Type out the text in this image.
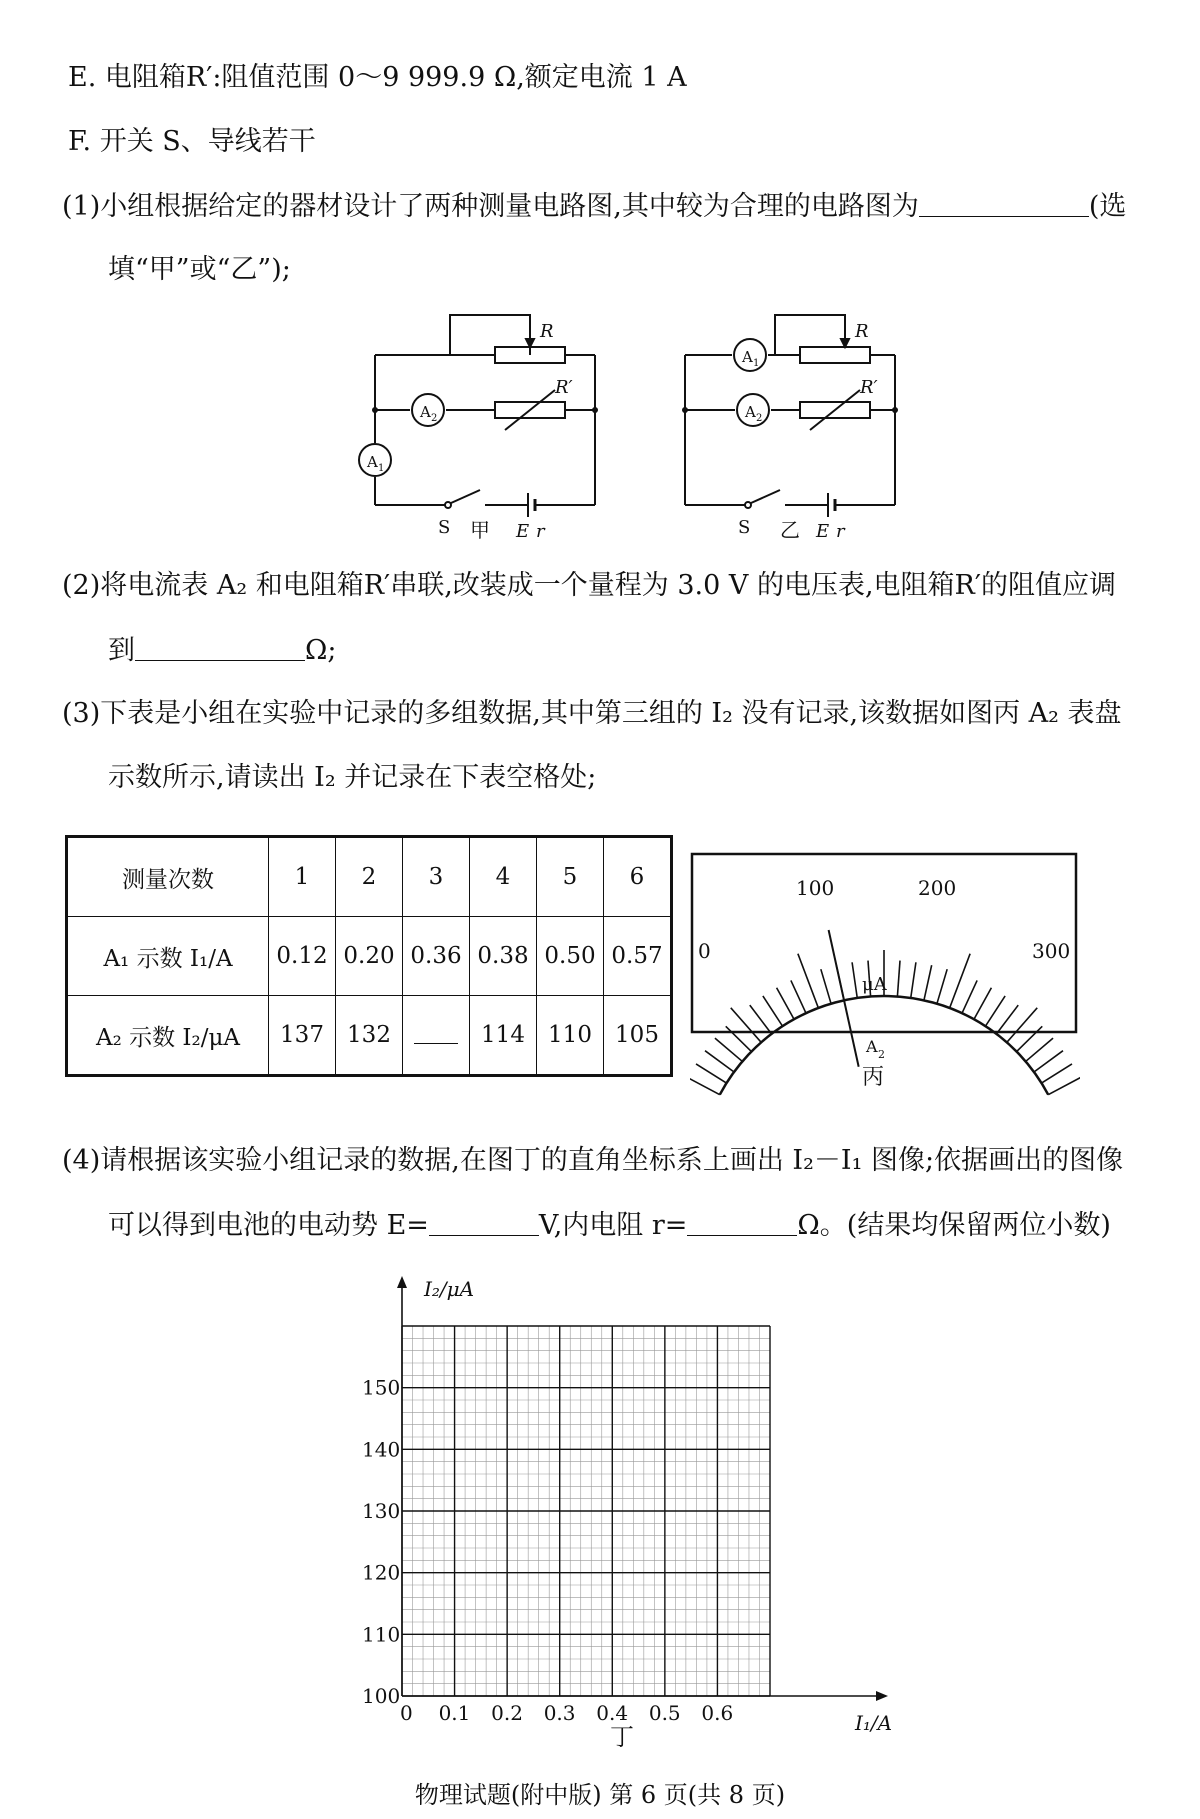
E. 电阻箱R′:阻值范围 0～9 999.9 Ω,额定电流 1 A
F. 开关 S、导线若干
(1)小组根据给定的器材设计了两种测量电路图,其中较为合理的电路图为	(选
填“甲”或“乙”);
R
R′
A 2
A 1
S	E r
甲
R
R′
A 1
A 2
S	E r
乙
(2)将电流表 A₂ 和电阻箱R′串联,改装成一个量程为 3.0 V 的电压表,电阻箱R′的阻值应调
到	Ω;
(3)下表是小组在实验中记录的多组数据,其中第三组的 I₂ 没有记录,该数据如图丙 A₂ 表盘
示数所示,请读出 I₂ 并记录在下表空格处;
测量次数	1	2	3	4	5	6
A₁ 示数 I₁/A	0.12	0.20	0.36	0.38	0.50	0.57
A₂ 示数 I₂/μA	137	132		114	110	105
0
100	200
300
μA
A 2
丙
(4)请根据该实验小组记录的数据,在图丁的直角坐标系上画出 I₂－I₁ 图像;依据画出的图像
可以得到电池的电动势 E=	V,内电阻 r=	Ω。(结果均保留两位小数)
0 0.1 0.2 0.3 0.4 0.5 0.6
100
110
120
130
140
150
I₂/μA
I₁/A
丁
物理试题(附中版) 第 6 页(共 8 页)
